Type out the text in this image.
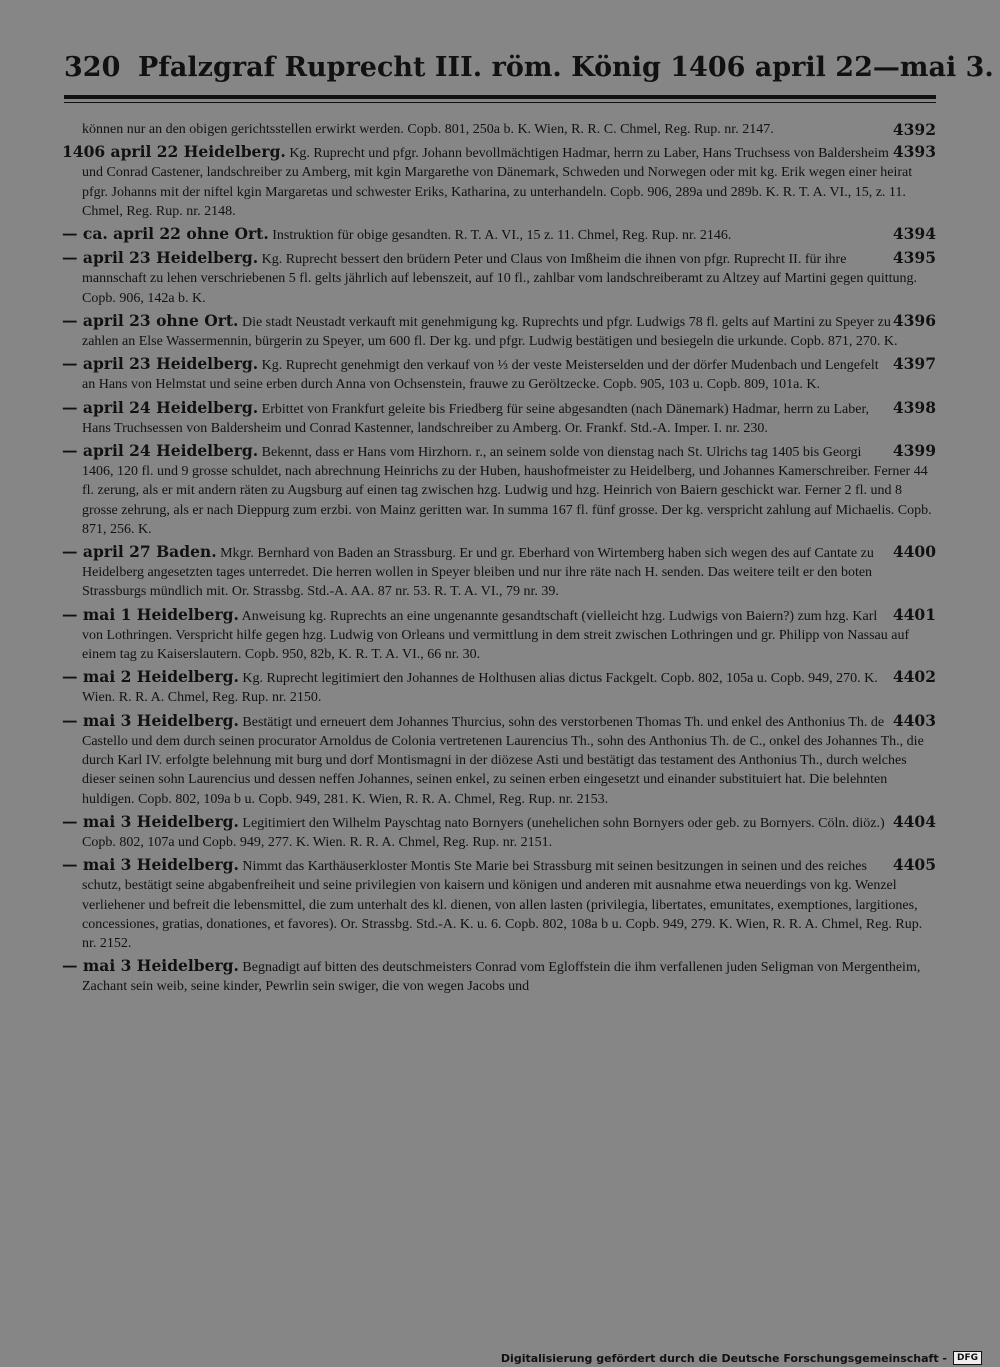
320 Pfalzgraf Ruprecht III. röm. König 1406 april 22—mai 3.
4392
können nur an den obigen gerichtsstellen erwirkt werden. Copb. 801, 250a b. K. Wien, R. R. C. Chmel, Reg. Rup. nr. 2147.
4393
1406 april 22 Heidelberg. Kg. Ruprecht und pfgr. Johann bevollmächtigen Hadmar, herrn zu Laber, Hans Truchsess von Baldersheim und Conrad Castener, landschreiber zu Amberg, mit kgin Margarethe von Dänemark, Schweden und Norwegen oder mit kg. Erik wegen einer heirat pfgr. Johanns mit der niftel kgin Margaretas und schwester Eriks, Katharina, zu unterhandeln. Copb. 906, 289a und 289b. K. R. T. A. VI., 15, z. 11. Chmel, Reg. Rup. nr. 2148.
4394
— ca. april 22 ohne Ort. Instruktion für obige gesandten. R. T. A. VI., 15 z. 11. Chmel, Reg. Rup. nr. 2146.
4395
— april 23 Heidelberg. Kg. Ruprecht bessert den brüdern Peter und Claus von Imßheim die ihnen von pfgr. Ruprecht II. für ihre mannschaft zu lehen verschriebenen 5 fl. gelts jährlich auf lebenszeit, auf 10 fl., zahlbar vom landschreiberamt zu Altzey auf Martini gegen quittung. Copb. 906, 142a b. K.
4396
— april 23 ohne Ort. Die stadt Neustadt verkauft mit genehmigung kg. Ruprechts und pfgr. Ludwigs 78 fl. gelts auf Martini zu Speyer zu zahlen an Else Wassermennin, bürgerin zu Speyer, um 600 fl. Der kg. und pfgr. Ludwig bestätigen und besiegeln die urkunde. Copb. 871, 270. K.
4397
— april 23 Heidelberg. Kg. Ruprecht genehmigt den verkauf von ⅓ der veste Meisterselden und der dörfer Mudenbach und Lengefelt an Hans von Helmstat und seine erben durch Anna von Ochsenstein, frauwe zu Geröltzecke. Copb. 905, 103 u. Copb. 809, 101a. K.
4398
— april 24 Heidelberg. Erbittet von Frankfurt geleite bis Friedberg für seine abgesandten (nach Dänemark) Hadmar, herrn zu Laber, Hans Truchsessen von Baldersheim und Conrad Kastenner, landschreiber zu Amberg. Or. Frankf. Std.-A. Imper. I. nr. 230.
4399
— april 24 Heidelberg. Bekennt, dass er Hans vom Hirzhorn. r., an seinem solde von dienstag nach St. Ulrichs tag 1405 bis Georgi 1406, 120 fl. und 9 grosse schuldet, nach abrechnung Heinrichs zu der Huben, haushofmeister zu Heidelberg, und Johannes Kamerschreiber. Ferner 44 fl. zerung, als er mit andern räten zu Augsburg auf einen tag zwischen hzg. Ludwig und hzg. Heinrich von Baiern geschickt war. Ferner 2 fl. und 8 grosse zehrung, als er nach Dieppurg zum erzbi. von Mainz geritten war. In summa 167 fl. fünf grosse. Der kg. verspricht zahlung auf Michaelis. Copb. 871, 256. K.
4400
— april 27 Baden. Mkgr. Bernhard von Baden an Strassburg. Er und gr. Eberhard von Wirtemberg haben sich wegen des auf Cantate zu Heidelberg angesetzten tages unterredet. Die herren wollen in Speyer bleiben und nur ihre räte nach H. senden. Das weitere teilt er den boten Strassburgs mündlich mit. Or. Strassbg. Std.-A. AA. 87 nr. 53. R. T. A. VI., 79 nr. 39.
4401
— mai 1 Heidelberg. Anweisung kg. Ruprechts an eine ungenannte gesandtschaft (vielleicht hzg. Ludwigs von Baiern?) zum hzg. Karl von Lothringen. Verspricht hilfe gegen hzg. Ludwig von Orleans und vermittlung in dem streit zwischen Lothringen und gr. Philipp von Nassau auf einem tag zu Kaiserslautern. Copb. 950, 82b, K. R. T. A. VI., 66 nr. 30.
4402
— mai 2 Heidelberg. Kg. Ruprecht legitimiert den Johannes de Holthusen alias dictus Fackgelt. Copb. 802, 105a u. Copb. 949, 270. K. Wien. R. R. A. Chmel, Reg. Rup. nr. 2150.
4403
— mai 3 Heidelberg. Bestätigt und erneuert dem Johannes Thurcius, sohn des verstorbenen Thomas Th. und enkel des Anthonius Th. de Castello und dem durch seinen procurator Arnoldus de Colonia vertretenen Laurencius Th., sohn des Anthonius Th. de C., onkel des Johannes Th., die durch Karl IV. erfolgte belehnung mit burg und dorf Montismagni in der diözese Asti und bestätigt das testament des Anthonius Th., durch welches dieser seinen sohn Laurencius und dessen neffen Johannes, seinen enkel, zu seinen erben eingesetzt und einander substituiert hat. Die belehnten huldigen. Copb. 802, 109a b u. Copb. 949, 281. K. Wien, R. R. A. Chmel, Reg. Rup. nr. 2153.
4404
— mai 3 Heidelberg. Legitimiert den Wilhelm Payschtag nato Bornyers (unehelichen sohn Bornyers oder geb. zu Bornyers. Cöln. diöz.) Copb. 802, 107a und Copb. 949, 277. K. Wien. R. R. A. Chmel, Reg. Rup. nr. 2151.
4405
— mai 3 Heidelberg. Nimmt das Karthäuserkloster Montis Ste Marie bei Strassburg mit seinen besitzungen in seinen und des reiches schutz, bestätigt seine abgabenfreiheit und seine privilegien von kaisern und königen und anderen mit ausnahme etwa neuerdings von kg. Wenzel verliehener und befreit die lebensmittel, die zum unterhalt des kl. dienen, von allen lasten (privilegia, libertates, emunitates, exemptiones, largitiones, concessiones, gratias, donationes, et favores). Or. Strassbg. Std.-A. K. u. 6. Copb. 802, 108a b u. Copb. 949, 279. K. Wien, R. R. A. Chmel, Reg. Rup. nr. 2152.
— mai 3 Heidelberg. Begnadigt auf bitten des deutschmeisters Conrad vom Egloffstein die ihm verfallenen juden Seligman von Mergentheim, Zachant sein weib, seine kinder, Pewrlin sein swiger, die von wegen Jacobs und
Digitalisierung gefördert durch die Deutsche Forschungsgemeinschaft -	DFG
